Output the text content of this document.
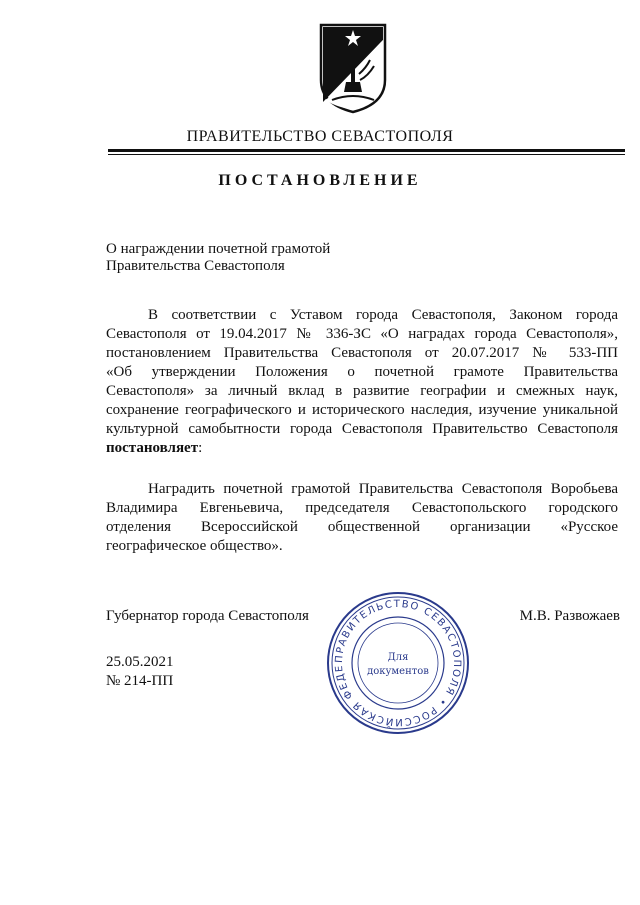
ПРАВИТЕЛЬСТВО СЕВАСТОПОЛЯ
ПОСТАНОВЛЕНИЕ
О награждении почетной грамотой
Правительства Севастополя
В соответствии с Уставом города Севастополя, Законом города
Севастополя от 19.04.2017 № 336-ЗС «О наградах города Севастополя»,
постановлением Правительства Севастополя от 20.07.2017 № 533-ПП
«Об утверждении Положения о почетной грамоте Правительства
Севастополя» за личный вклад в развитие географии и смежных наук,
сохранение географического и исторического наследия, изучение уникальной
культурной самобытности города Севастополя Правительство Севастополя
постановляет:
Наградить почетной грамотой Правительства Севастополя Воробьева
Владимира Евгеньевича, председателя Севастопольского городского
отделения Всероссийской общественной организации «Русское
географическое общество».
Губернатор города Севастополя	М.В. Развожаев
25.05.2021
№ 214-ПП
ПРАВИТЕЛЬСТВО СЕВАСТОПОЛЯ • РОССИЙСКАЯ ФЕДЕ
Для
документов
